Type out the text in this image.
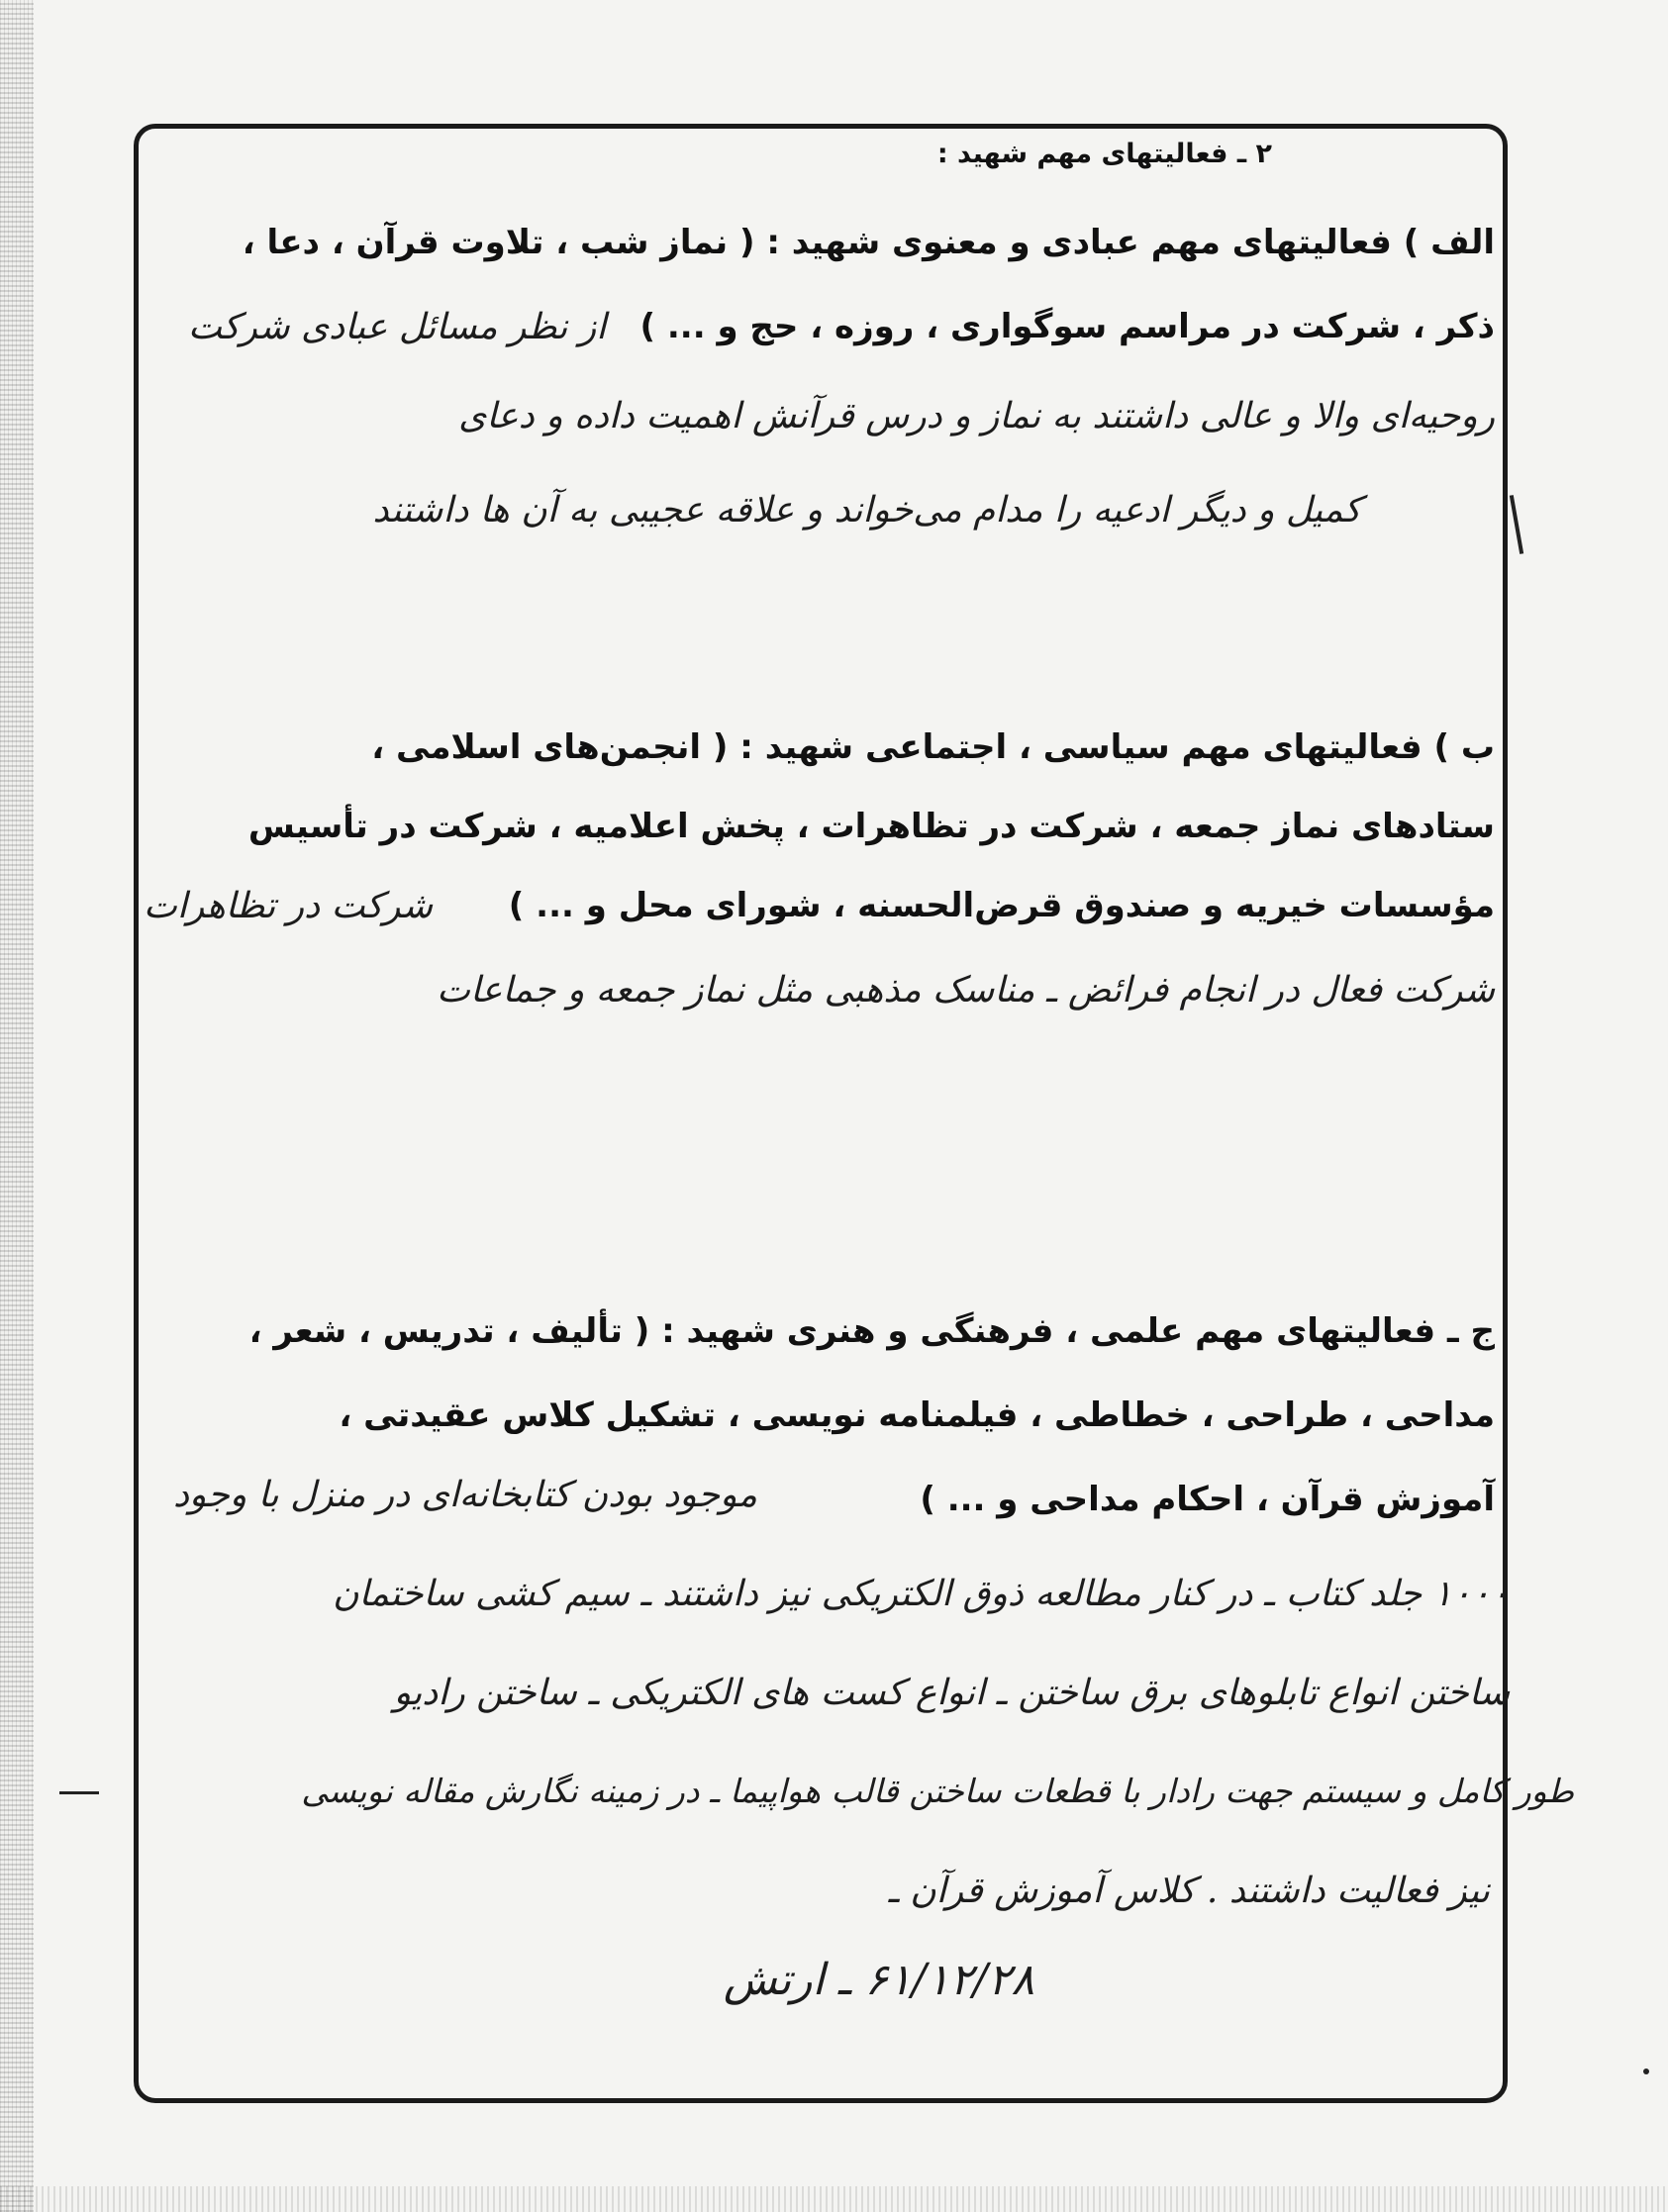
۲ ـ فعالیتهای مهم شهید :
الف ) فعالیتهای مهم عبادی و معنوی شهید : ( نماز شب ، تلاوت قرآن ، دعا ،
ذکر ، شرکت در مراسم سوگواری ، روزه ، حج و ... )
از نظر مسائل عبادی شرکت
روحیه‌ای والا و عالی داشتند به نماز و درس قرآنش اهمیت داده و دعای
کمیل و دیگر ادعیه را مدام می‌خواند و علاقه عجیبی به آن ها داشتند
ب ) فعالیتهای مهم سیاسی ، اجتماعی شهید : ( انجمن‌های اسلامی ،
ستادهای نماز جمعه ، شرکت در تظاهرات ، پخش اعلامیه ، شرکت در تأسیس
مؤسسات خیریه و صندوق قرض‌الحسنه ، شورای محل و ... )
شرکت در تظاهرات
شرکت فعال در انجام فرائض ـ مناسک مذهبی مثل نماز جمعه و جماعات
ج ـ فعالیتهای مهم علمی ، فرهنگی و هنری شهید : ( تألیف ، تدریس ، شعر ،
مداحی ، طراحی ، خطاطی ، فیلمنامه نویسی ، تشکیل کلاس عقیدتی ،
آموزش قرآن ، احکام مداحی و ... )
موجود بودن کتابخانه‌ای در منزل با وجود
۱۰۰۰ جلد کتاب ـ در کنار مطالعه ذوق الکتریکی نیز داشتند ـ سیم کشی ساختمان
ساختن انواع تابلوهای برق ساختن ـ انواع کست های الکتریکی ـ ساختن رادیو
طور کامل و سیستم جهت رادار با قطعات ساختن قالب هواپیما ـ در زمینه نگارش مقاله نویسی
نیز فعالیت داشتند . کلاس آموزش قرآن ـ
۶۱/۱۲/۲۸ ـ ارتش
